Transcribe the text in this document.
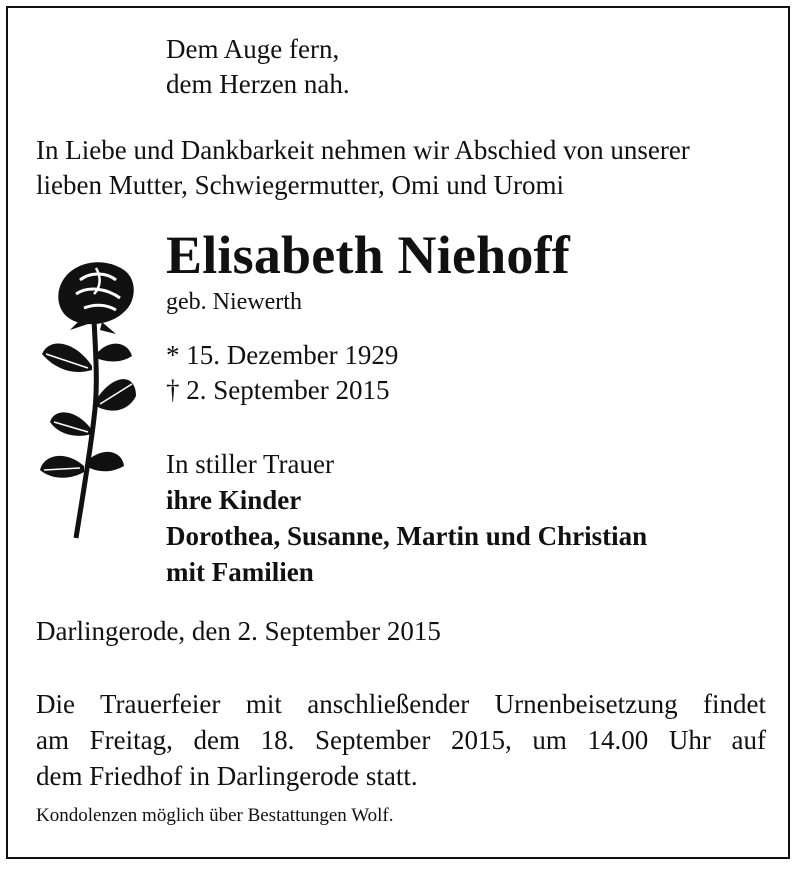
Dem Auge fern,
dem Herzen nah.
In Liebe und Dankbarkeit nehmen wir Abschied von unserer
lieben Mutter, Schwiegermutter, Omi und Uromi
Elisabeth Niehoff
geb. Niewerth
* 15. Dezember 1929
† 2. September 2015
In stiller Trauer
ihre Kinder
Dorothea, Susanne, Martin und Christian
mit Familien
Darlingerode, den 2. September 2015
Die Trauerfeier mit anschließender Urnenbeisetzung findet
am Freitag, dem 18. September 2015, um 14.00 Uhr auf
dem Friedhof in Darlingerode statt.
Kondolenzen möglich über Bestattungen Wolf.
